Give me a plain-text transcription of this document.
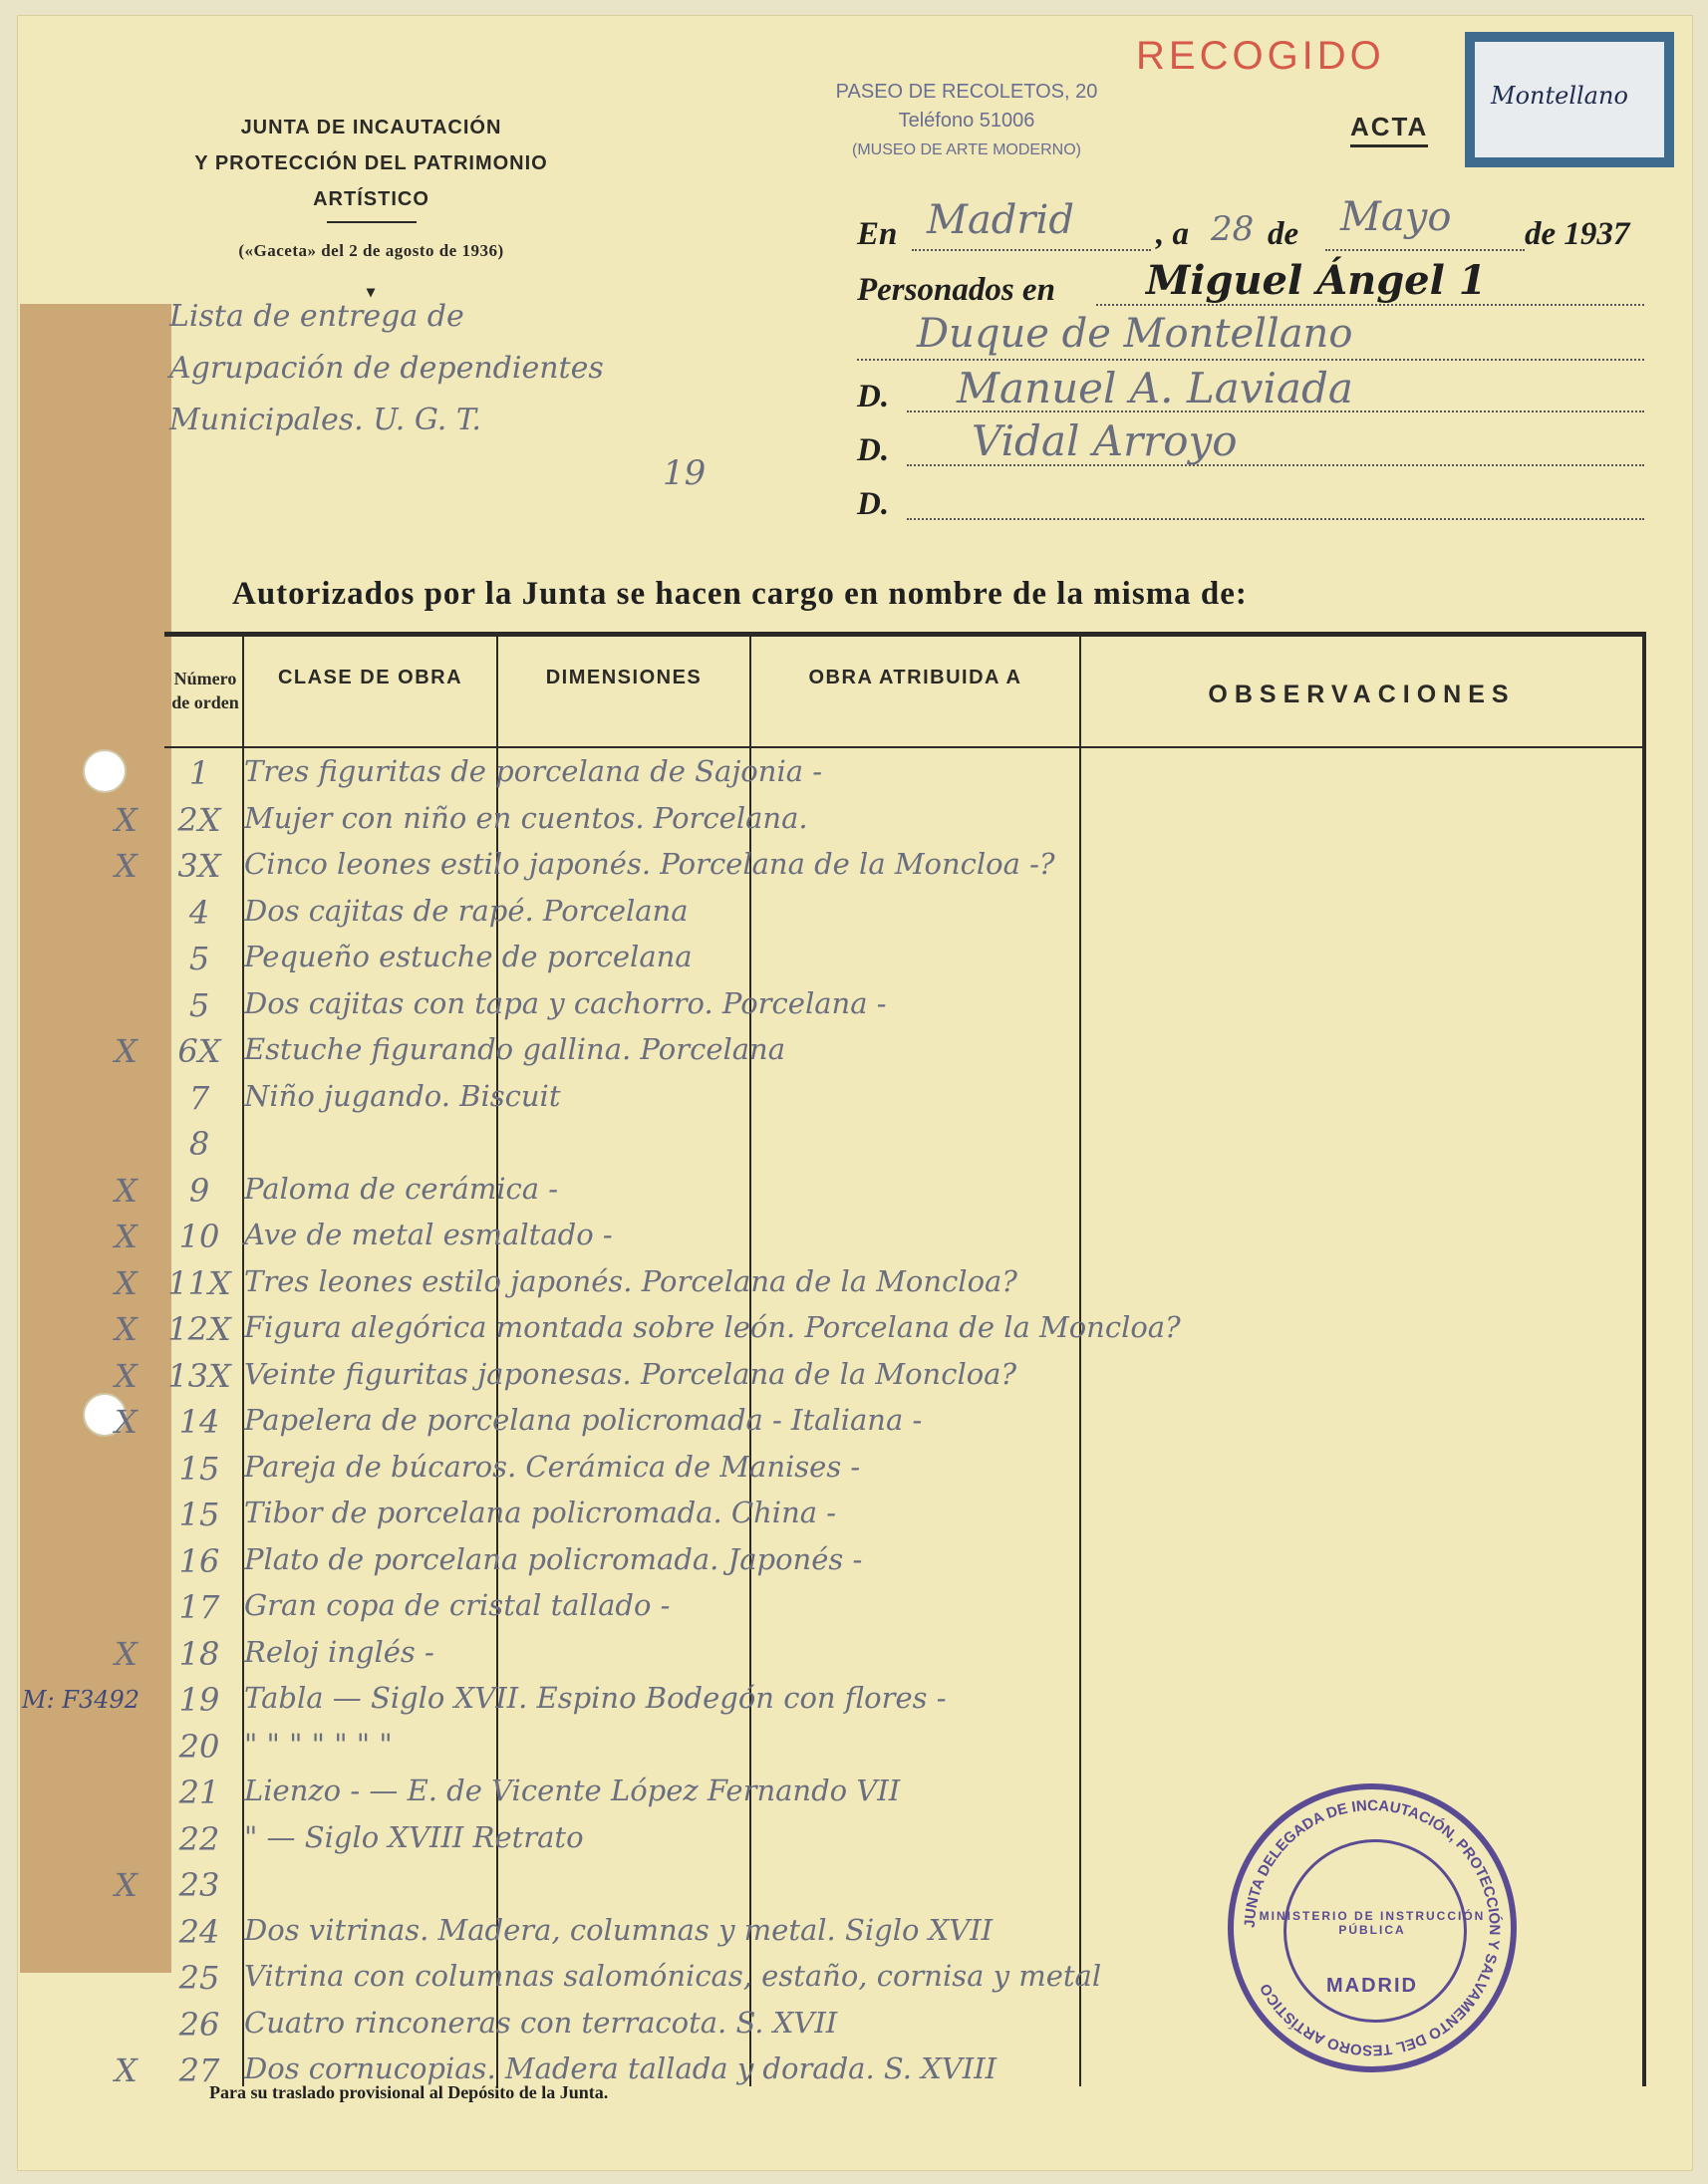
JUNTA DE INCAUTACIÓN
Y PROTECCIÓN DEL PATRIMONIO
ARTÍSTICO
(«Gaceta» del 2 de agosto de 1936)
▾
PASEO DE RECOLETOS, 20
Teléfono 51006
(MUSEO DE ARTE MODERNO)
RECOGIDO
ACTA
Montellano
Lista de entrega de
Agrupación de dependientes
Municipales. U. G. T.
19
En Madrid , a 28 de Mayo de 1937
Personados en Miguel Ángel 1
Duque de Montellano
D. Manuel A. Laviada
D. Vidal Arroyo
D.
Autorizados por la Junta se hacen cargo en nombre de la misma de:
Número de orden
CLASE DE OBRA	DIMENSIONES	OBRA ATRIBUIDA A
OBSERVACIONES
1	Tres figuritas de porcelana de Sajonia -
X	2X Mujer con niño en cuentos. Porcelana.
X	3X Cinco leones estilo japonés. Porcelana de la Moncloa -?
4	Dos cajitas de rapé. Porcelana
5	Pequeño estuche de porcelana
5	Dos cajitas con tapa y cachorro. Porcelana -
X	6X Estuche figurando gallina. Porcelana
7	Niño jugando. Biscuit
8
X	9	Paloma de cerámica -
X	10 Ave de metal esmaltado -
X 11X Tres leones estilo japonés. Porcelana de la Moncloa?
X 12X Figura alegórica montada sobre león. Porcelana de la Moncloa?
X 13X Veinte figuritas japonesas. Porcelana de la Moncloa?
X	14 Papelera de porcelana policromada - Italiana -
15 Pareja de búcaros. Cerámica de Manises -
15 Tibor de porcelana policromada. China -
16 Plato de porcelana policromada. Japonés -
17 Gran copa de cristal tallado -
X	18 Reloj inglés -
19 Tabla — Siglo XVII. Espino Bodegón con flores -
20 " " " " " " "
21 Lienzo - — E. de Vicente López Fernando VII
22 " — Siglo XVIII Retrato
X	23
24 Dos vitrinas. Madera, columnas y metal. Siglo XVII
25 Vitrina con columnas salomónicas, estaño, cornisa y metal
26 Cuatro rinconeras con terracota. S. XVII
X	27 Dos cornucopias. Madera tallada y dorada. S. XVIII
M: F3492
Para su traslado provisional al Depósito de la Junta.
JUNTA DELEGADA DE INCAUTACIÓN, PROTECCIÓN Y SALVAMENTO DEL TESORO ARTÍSTICO
MINISTERIO DE INSTRUCCIÓN PÚBLICA
MADRID
